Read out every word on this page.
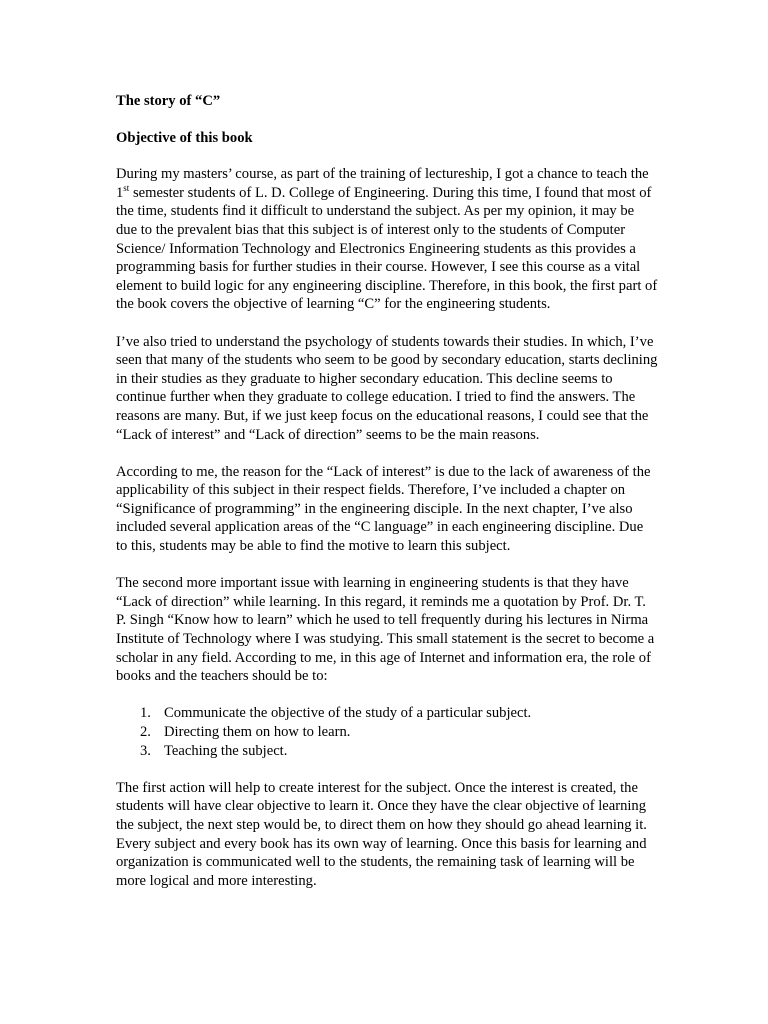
The story of “C”
Objective of this book

During my masters’ course, as part of the training of lectureship, I got a chance to teach the 1st semester students of L. D. College of Engineering. During this time, I found that most of the time, students find it difficult to understand the subject. As per my opinion, it may be due to the prevalent bias that this subject is of interest only to the students of Computer Science/ Information Technology and Electronics Engineering students as this provides a programming basis for further studies in their course. However, I see this course as a vital element to build logic for any engineering discipline. Therefore, in this book, the first part of the book covers the objective of learning “C” for the engineering students.

I’ve also tried to understand the psychology of students towards their studies. In which, I’ve seen that many of the students who seem to be good by secondary education, starts declining in their studies as they graduate to higher secondary education. This decline seems to continue further when they graduate to college education. I tried to find the answers. The reasons are many. But, if we just keep focus on the educational reasons, I could see that the “Lack of interest” and “Lack of direction” seems to be the main reasons.

According to me, the reason for the “Lack of interest” is due to the lack of awareness of the applicability of this subject in their respect fields. Therefore, I’ve included a chapter on “Significance of programming” in the engineering disciple. In the next chapter, I’ve also included several application areas of the “C language” in each engineering discipline. Due to this, students may be able to find the motive to learn this subject.

The second more important issue with learning in engineering students is that they have “Lack of direction” while learning. In this regard, it reminds me a quotation by Prof. Dr. T. P. Singh “Know how to learn” which he used to tell frequently during his lectures in Nirma Institute of Technology where I was studying. This small statement is the secret to become a scholar in any field. According to me, in this age of Internet and information era, the role of books and the teachers should be to:

1. Communicate the objective of the study of a particular subject.
2. Directing them on how to learn.
3. Teaching the subject.

The first action will help to create interest for the subject. Once the interest is created, the students will have clear objective to learn it. Once they have the clear objective of learning the subject, the next step would be, to direct them on how they should go ahead learning it. Every subject and every book has its own way of learning. Once this basis for learning and organization is communicated well to the students, the remaining task of learning will be more logical and more interesting.
